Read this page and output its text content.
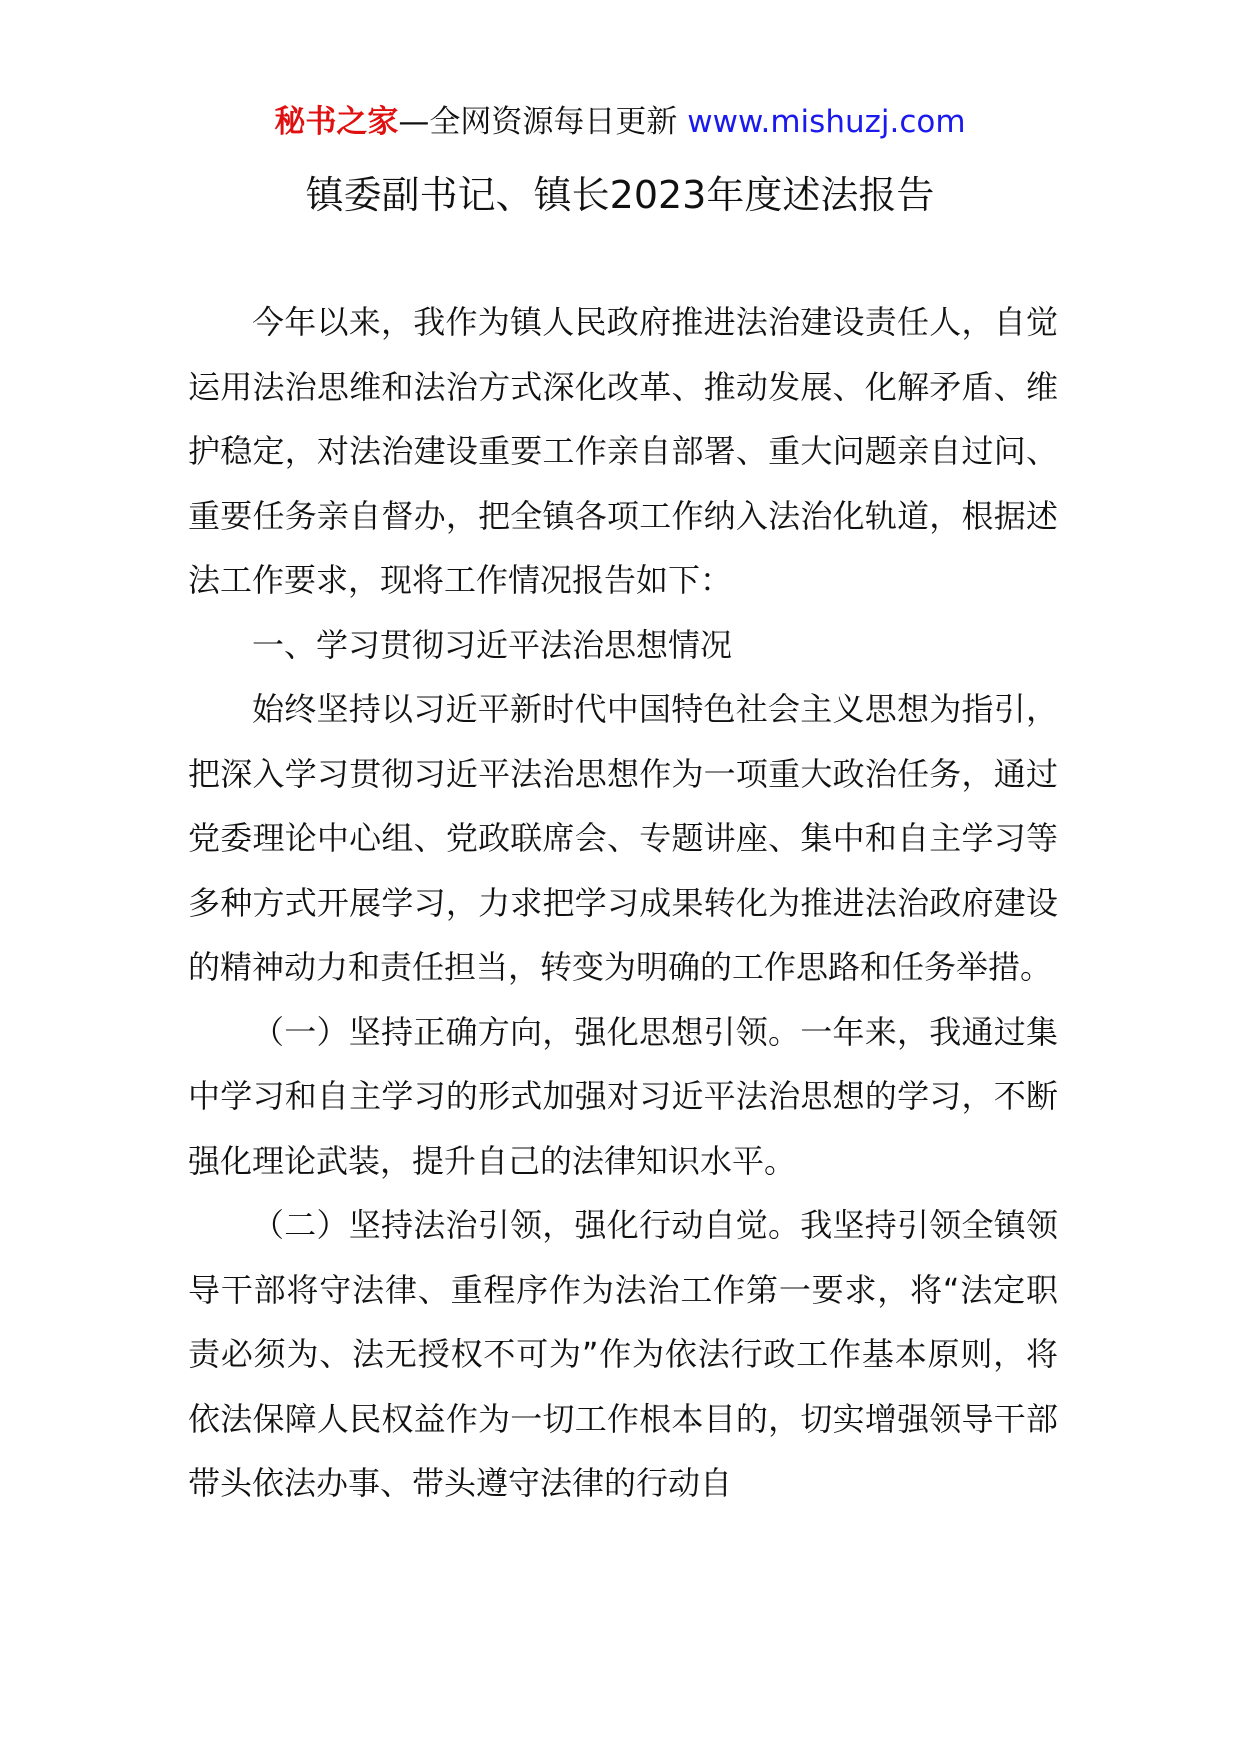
秘书之家—全网资源每日更新 www.mishuzj.com
镇委副书记、镇长2023年度述法报告

今年以来，我作为镇人民政府推进法治建设责任人，自觉运用法治思维和法治方式深化改革、推动发展、化解矛盾、维护稳定，对法治建设重要工作亲自部署、重大问题亲自过问、重要任务亲自督办，把全镇各项工作纳入法治化轨道，根据述法工作要求，现将工作情况报告如下：

一、学习贯彻习近平法治思想情况

始终坚持以习近平新时代中国特色社会主义思想为指引，把深入学习贯彻习近平法治思想作为一项重大政治任务，通过党委理论中心组、党政联席会、专题讲座、集中和自主学习等多种方式开展学习，力求把学习成果转化为推进法治政府建设的精神动力和责任担当，转变为明确的工作思路和任务举措。

（一）坚持正确方向，强化思想引领。一年来，我通过集中学习和自主学习的形式加强对习近平法治思想的学习，不断强化理论武装，提升自己的法律知识水平。

（二）坚持法治引领，强化行动自觉。我坚持引领全镇领导干部将守法律、重程序作为法治工作第一要求，将“法定职责必须为、法无授权不可为”作为依法行政工作基本原则，将依法保障人民权益作为一切工作根本目的，切实增强领导干部带头依法办事、带头遵守法律的行动自
